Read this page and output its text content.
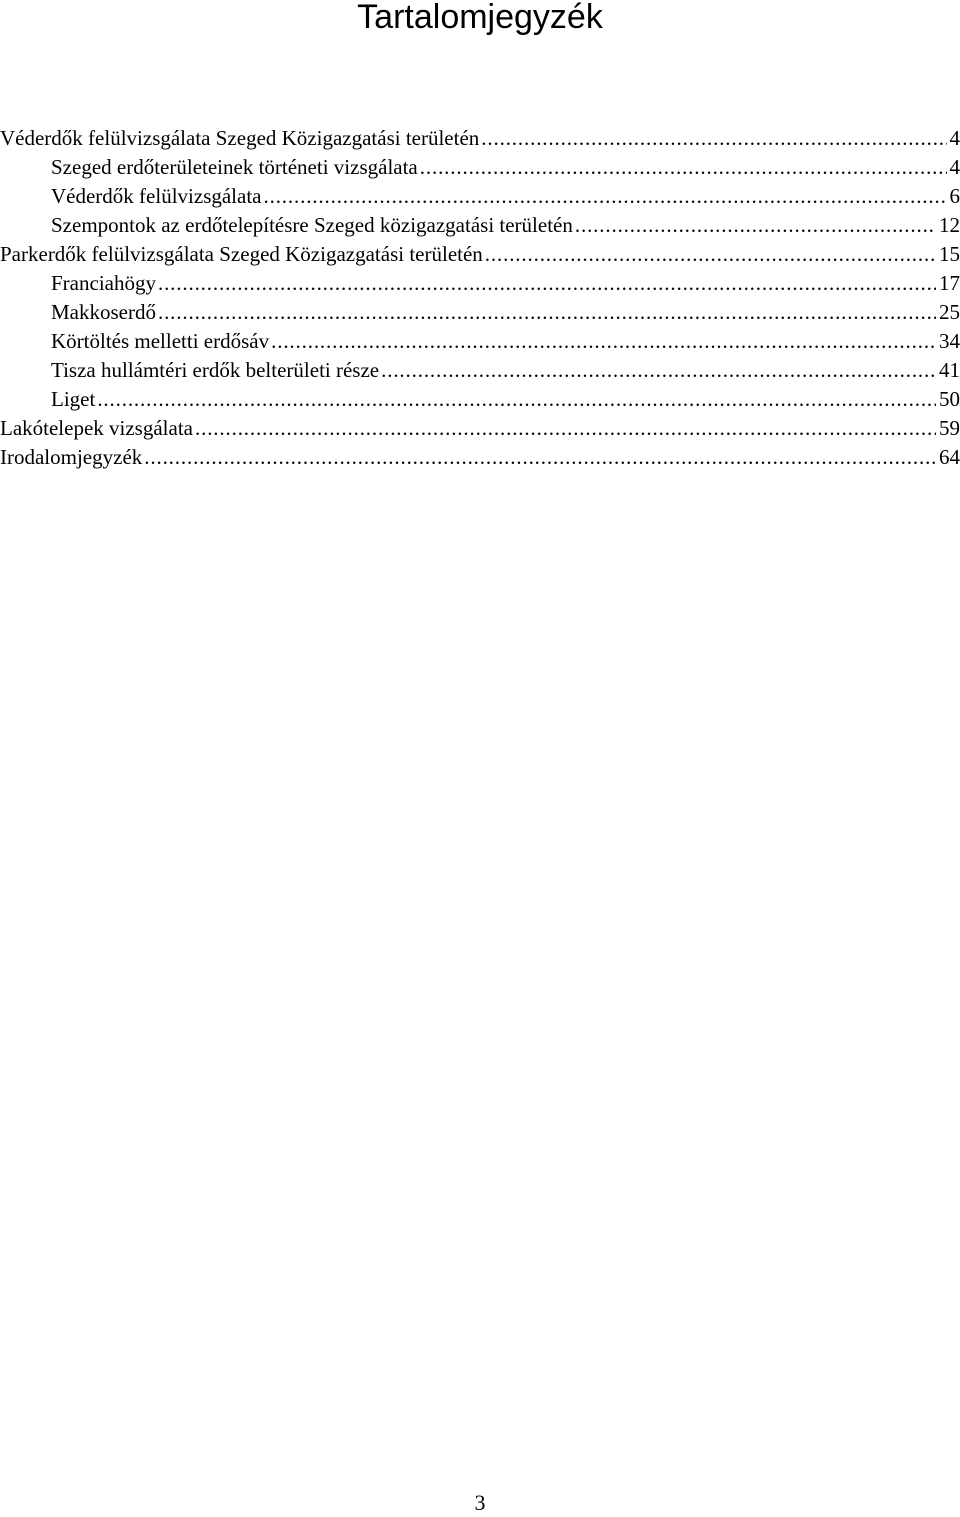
Tartalomjegyzék
Véderdők felülvizsgálata Szeged Közigazgatási területén . . .	4
Szeged erdőterületeinek történeti vizsgálata . . .	4
Véderdők felülvizsgálata . . .	6
Szempontok az erdőtelepítésre Szeged közigazgatási területén . . .	12
Parkerdők felülvizsgálata Szeged Közigazgatási területén . . .	15
Franciahögy . . .	17
Makkoserdő . . .	25
Körtöltés melletti erdősáv . . .	34
Tisza hullámtéri erdők belterületi része . . .	41
Liget . . .	50
Lakótelepek vizsgálata . . .	59
Irodalomjegyzék . . .	64
3
